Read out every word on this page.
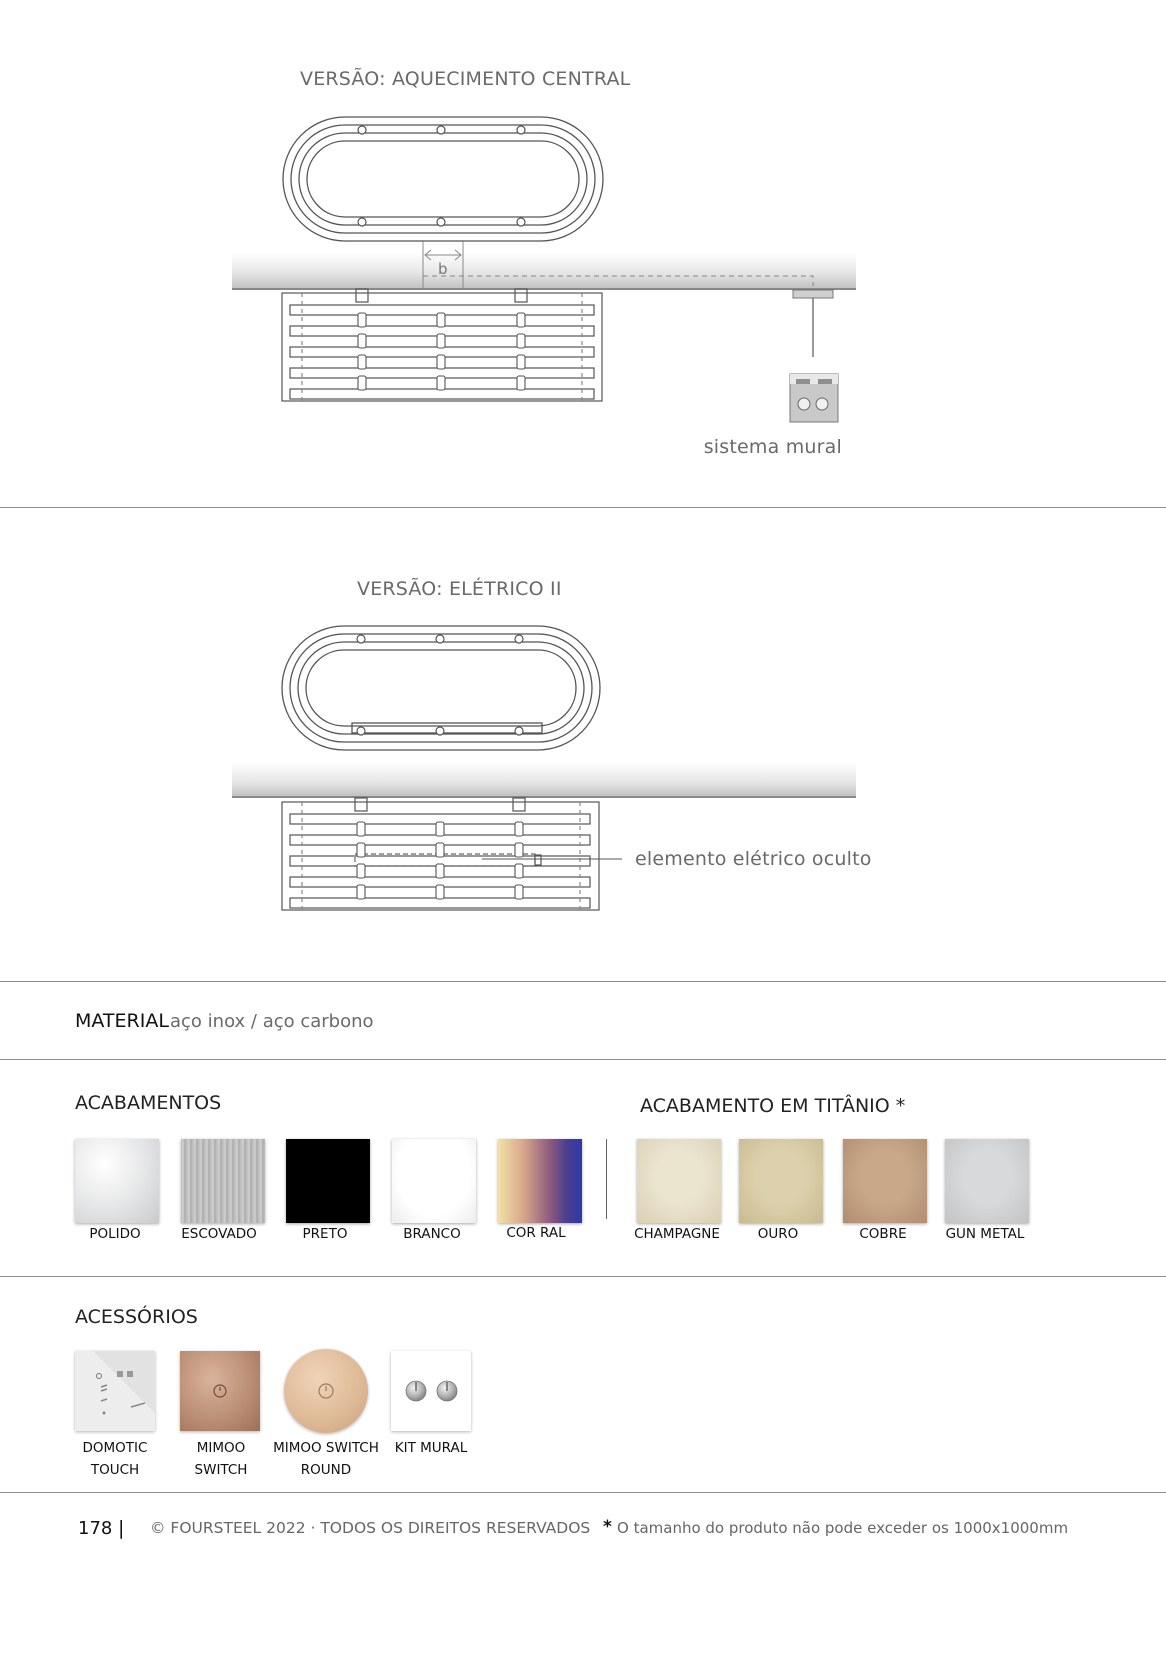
VERSÃO: AQUECIMENTO CENTRAL
sistema mural
b
VERSÃO: ELÉTRICO II
elemento elétrico oculto
MATERIAL aço inox / aço carbono
ACABAMENTOS	ACABAMENTO EM TITÂNIO *
POLIDO	ESCOVADO	PRETO	BRANCO	COR RAL	CHAMPAGNE	OURO	COBRE	GUN METAL
ACESSÓRIOS
DOMOTIC
TOUCH
MIMOO
SWITCH
MIMOO SWITCH
ROUND
KIT MURAL
178 | © FOURSTEEL 2022 · TODOS OS DIREITOS RESERVADOS * O tamanho do produto não pode exceder os 1000x1000mm
